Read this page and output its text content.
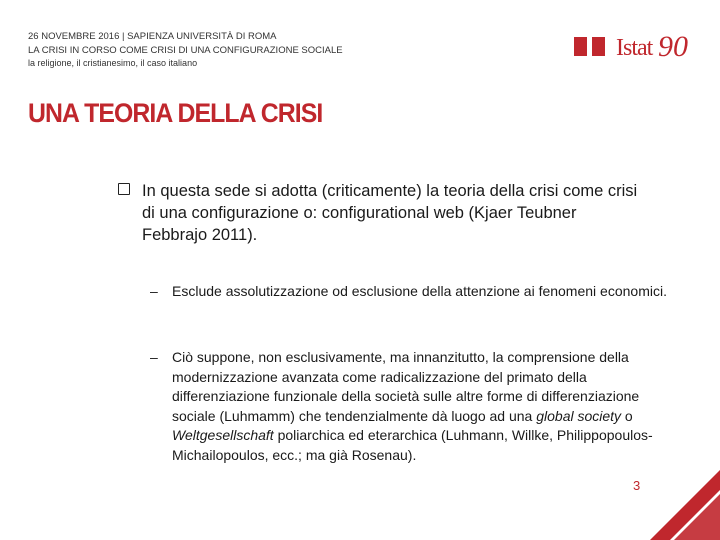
26 NOVEMBRE 2016 | SAPIENZA UNIVERSITÀ DI ROMA
LA CRISI IN CORSO COME CRISI DI UNA CONFIGURAZIONE SOCIALE
la religione, il cristianesimo, il caso italiano
Istat 90
UNA TEORIA DELLA CRISI
In questa sede si adotta (criticamente) la teoria della crisi come crisi di una configurazione o: configurational web (Kjaer Teubner Febbrajo 2011).
–	Esclude assolutizzazione od esclusione della attenzione ai fenomeni economici.
–	Ciò suppone, non esclusivamente, ma innanzitutto, la comprensione della modernizzazione avanzata come radicalizzazione del primato della differenziazione funzionale della società sulle altre forme di differenziazione sociale (Luhmamm) che tendenzialmente dà luogo ad una global society o Weltgesellschaft poliarchica ed eterarchica (Luhmann, Willke, Philippopoulos-Michailopoulos, ecc.; ma già Rosenau).
3
